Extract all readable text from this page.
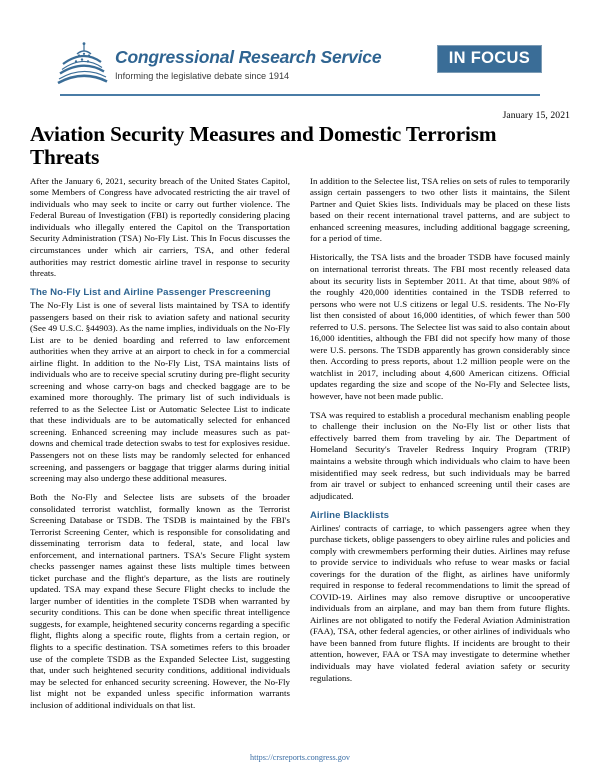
Congressional Research Service
Informing the legislative debate since 1914
IN FOCUS

January 15, 2021

Aviation Security Measures and Domestic Terrorism Threats

After the January 6, 2021, security breach of the United States Capitol, some Members of Congress have advocated restricting the air travel of individuals who may seek to incite or carry out further violence. The Federal Bureau of Investigation (FBI) is reportedly considering placing individuals who illegally entered the Capitol on the Transportation Security Administration (TSA) No-Fly List. This In Focus discusses the circumstances under which air carriers, TSA, and other federal authorities may restrict domestic airline travel in response to security threats.

The No-Fly List and Airline Passenger Prescreening

The No-Fly List is one of several lists maintained by TSA to identify passengers based on their risk to aviation safety and national security (See 49 U.S.C. §44903). As the name implies, individuals on the No-Fly List are to be denied boarding and referred to law enforcement authorities when they arrive at an airport to check in for a commercial airline flight. In addition to the No-Fly List, TSA maintains lists of individuals who are to receive special scrutiny during pre-flight security screening and whose carry-on bags and checked baggage are to be examined more thoroughly. The primary list of such individuals is referred to as the Selectee List or Automatic Selectee List to indicate that these individuals are to be automatically selected for enhanced screening. Enhanced screening may include measures such as pat-downs and chemical trade detection swabs to test for explosives residue. Passengers not on these lists may be randomly selected for enhanced screening, and passengers or baggage that trigger alarms during initial screening may also undergo these additional measures.

Both the No-Fly and Selectee lists are subsets of the broader consolidated terrorist watchlist, formally known as the Terrorist Screening Database or TSDB. The TSDB is maintained by the FBI's Terrorist Screening Center, which is responsible for consolidating and disseminating terrorism data to federal, state, and local law enforcement, and international partners. TSA's Secure Flight system checks passenger names against these lists multiple times between ticket purchase and the flight's departure, as the lists are routinely updated. TSA may expand these Secure Flight checks to include the larger number of identities in the complete TSDB when warranted by security conditions. This can be done when specific threat intelligence suggests, for example, heightened security concerns regarding a specific flight, flights along a specific route, flights from a certain region, or flights to a specific destination. TSA sometimes refers to this broader use of the complete TSDB as the Expanded Selectee List, suggesting that, under such heightened security conditions, additional individuals may be selected for enhanced security screening. However, the No-Fly list might not be expanded unless specific information warrants inclusion of additional individuals on that list.

In addition to the Selectee list, TSA relies on sets of rules to temporarily assign certain passengers to two other lists it maintains, the Silent Partner and Quiet Skies lists. Individuals may be placed on these lists based on their recent international travel patterns, and are subject to enhanced screening measures, including additional baggage screening, for a period of time.

Historically, the TSA lists and the broader TSDB have focused mainly on international terrorist threats. The FBI most recently released data about its security lists in September 2011. At that time, about 98% of the roughly 420,000 identities contained in the TSDB referred to persons who were not U.S citizens or legal U.S. residents. The No-Fly list then consisted of about 16,000 identities, of which fewer than 500 referred to U.S. persons. The Selectee list was said to also contain about 16,000 identities, although the FBI did not specify how many of those were U.S. persons. The TSDB apparently has grown considerably since then. According to press reports, about 1.2 million people were on the watchlist in 2017, including about 4,600 American citizens. Official updates regarding the size and scope of the No-Fly and Selectee lists, however, have not been made public.

TSA was required to establish a procedural mechanism enabling people to challenge their inclusion on the No-Fly list or other lists that effectively barred them from traveling by air. The Department of Homeland Security's Traveler Redress Inquiry Program (TRIP) maintains a website through which individuals who claim to have been misidentified may seek redress, but such individuals may be barred from air travel or subject to enhanced screening until their cases are adjudicated.

Airline Blacklists

Airlines' contracts of carriage, to which passengers agree when they purchase tickets, oblige passengers to obey airline rules and policies and comply with crewmembers performing their duties. Airlines may refuse to provide service to individuals who refuse to wear masks or facial coverings for the duration of the flight, as airlines have uniformly required in response to federal recommendations to limit the spread of COVID-19. Airlines may also remove disruptive or uncooperative individuals from an airplane, and may ban them from future flights. Airlines are not obligated to notify the Federal Aviation Administration (FAA), TSA, other federal agencies, or other airlines of individuals who have been banned from future flights. If incidents are brought to their attention, however, FAA or TSA may investigate to determine whether individuals may have violated federal aviation safety or security regulations.

https://crsreports.congress.gov
